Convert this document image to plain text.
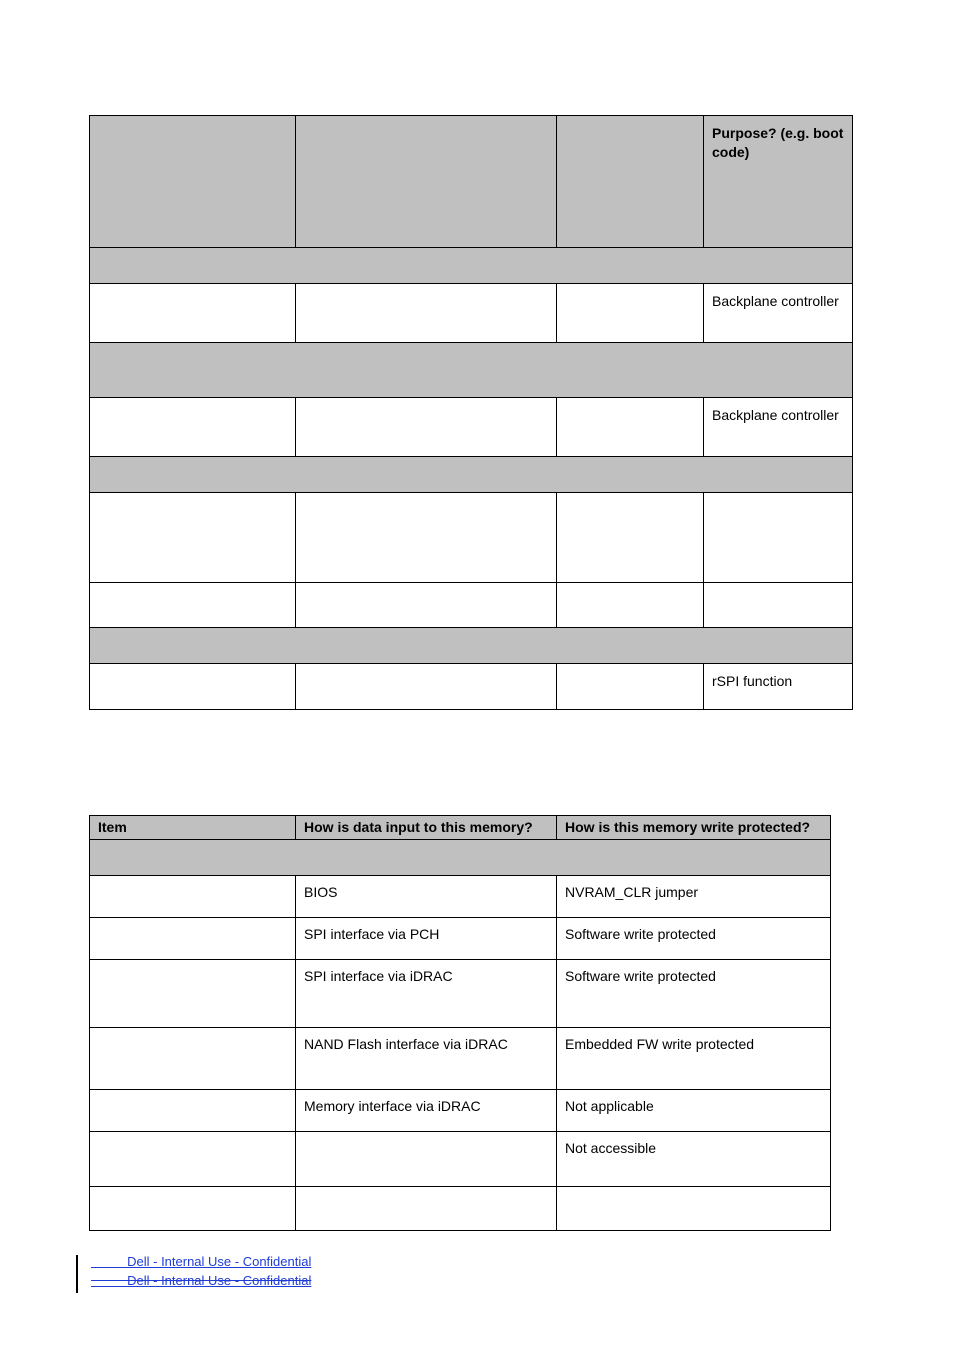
			Purpose? (e.g. boot code)

			Backplane controller

			Backplane controller

			rSPI function
Item	How is data input to this memory?	How is this memory write protected?

	BIOS	NVRAM_CLR jumper
	SPI interface via PCH	Software write protected
	SPI interface via iDRAC	Software write protected
	NAND Flash interface via iDRAC	Embedded FW write protected
	Memory interface via iDRAC	Not applicable
		Not accessible

Dell - Internal Use - Confidential
Dell - Internal Use - Confidential
